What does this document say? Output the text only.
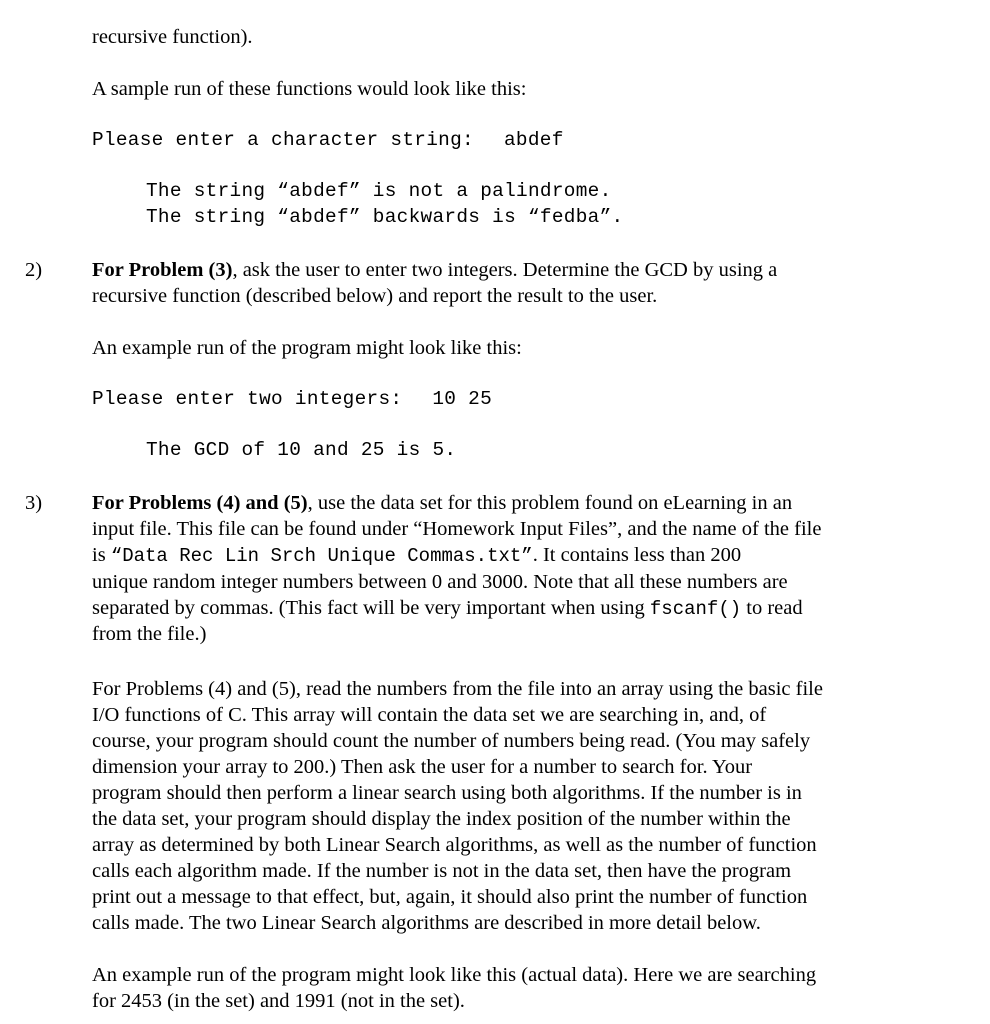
recursive function).
A sample run of these functions would look like this:
Please enter a character string: abdef
The string “abdef” is not a palindrome.
The string “abdef” backwards is “fedba”.
2) For Problem (3), ask the user to enter two integers. Determine the GCD by using a
recursive function (described below) and report the result to the user.
An example run of the program might look like this:
Please enter two integers: 10 25
The GCD of 10 and 25 is 5.
3) For Problems (4) and (5), use the data set for this problem found on eLearning in an
input file. This file can be found under “Homework Input Files”, and the name of the file
is “Data Rec Lin Srch Unique Commas.txt”. It contains less than 200
unique random integer numbers between 0 and 3000. Note that all these numbers are
separated by commas. (This fact will be very important when using fscanf() to read
from the file.)
For Problems (4) and (5), read the numbers from the file into an array using the basic file
I/O functions of C. This array will contain the data set we are searching in, and, of
course, your program should count the number of numbers being read. (You may safely
dimension your array to 200.) Then ask the user for a number to search for. Your
program should then perform a linear search using both algorithms. If the number is in
the data set, your program should display the index position of the number within the
array as determined by both Linear Search algorithms, as well as the number of function
calls each algorithm made. If the number is not in the data set, then have the program
print out a message to that effect, but, again, it should also print the number of function
calls made. The two Linear Search algorithms are described in more detail below.
An example run of the program might look like this (actual data). Here we are searching
for 2453 (in the set) and 1991 (not in the set).
